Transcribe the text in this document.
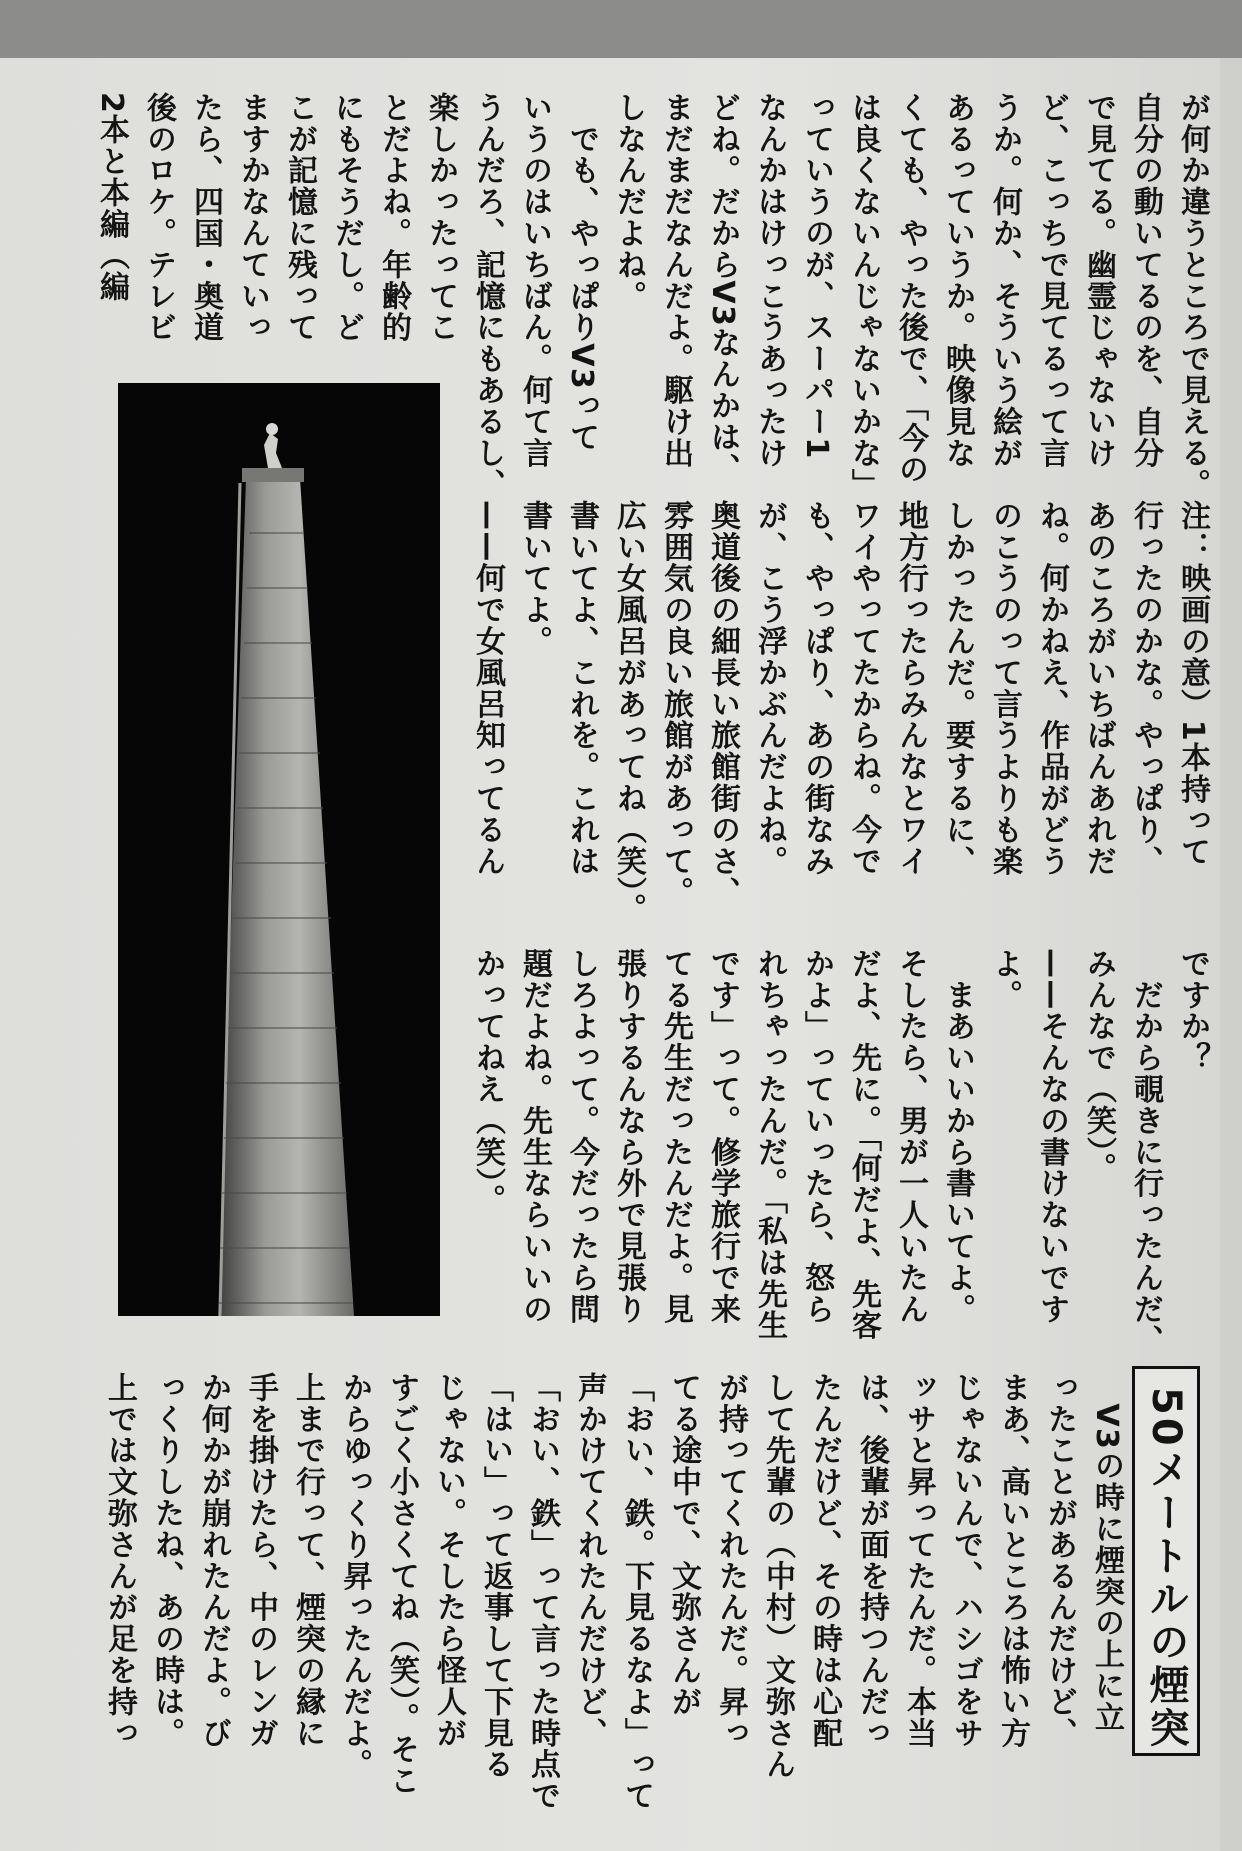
が何か違うところで見える。
自分の動いてるのを、自分
で見てる。幽霊じゃないけ
ど、こっちで見てるって言
うか。何か、そういう絵が
あるっていうか。映像見な
くても、やった後で、「今の
は良くないんじゃないかな」
っていうのが、スーパー1
なんかはけっこうあったけ
どね。だからV3なんかは、
まだまだなんだよ。駆け出
しなんだよね。
　でも、やっぱりV3って
いうのはいちばん。何て言
うんだろ、記憶にもあるし、
楽しかったってこ
とだよね。年齢的
にもそうだし。ど
こが記憶に残って
ますかなんていっ
たら、四国・奥道
後のロケ。テレビ
2本と本編（編

注：映画の意）1本持って
行ったのかな。やっぱり、
あのころがいちばんあれだ
ね。何かねえ、作品がどう
のこうのって言うよりも楽
しかったんだ。要するに、
地方行ったらみんなとワイ
ワイやってたからね。今で
も、やっぱり、あの街なみ
が、こう浮かぶんだよね。
奥道後の細長い旅館街のさ、
雰囲気の良い旅館があって。
広い女風呂があってね（笑）。
書いてよ、これを。これは
書いてよ。
——何で女風呂知ってるん

ですか？
　だから覗きに行ったんだ、
みんなで（笑）。
——そんなの書けないです
よ。
　まあいいから書いてよ。
そしたら、男が一人いたん
だよ、先に。「何だよ、先客
かよ」っていったら、怒ら
れちゃったんだ。「私は先生
です」って。修学旅行で来
てる先生だったんだよ。見
張りするんなら外で見張り
しろよって。今だったら問
題だよね。先生ならいいの
かってねえ（笑）。

　V3の時に煙突の上に立
ったことがあるんだけど、
まあ、高いところは怖い方
じゃないんで、ハシゴをサ
ッサと昇ってたんだ。本当
は、後輩が面を持つんだっ
たんだけど、その時は心配
して先輩の（中村）文弥さん
が持ってくれたんだ。昇っ
てる途中で、文弥さんが
「おい、鉄。下見るなよ」って
声かけてくれたんだけど、
「おい、鉄」って言った時点で
「はい」って返事して下見る
じゃない。そしたら怪人が
すごく小さくてね（笑）。そこ
からゆっくり昇ったんだよ。
上まで行って、煙突の縁に
手を掛けたら、中のレンガ
か何かが崩れたんだよ。び
っくりしたね、あの時は。
上では文弥さんが足を持っ	50メートルの煙突
